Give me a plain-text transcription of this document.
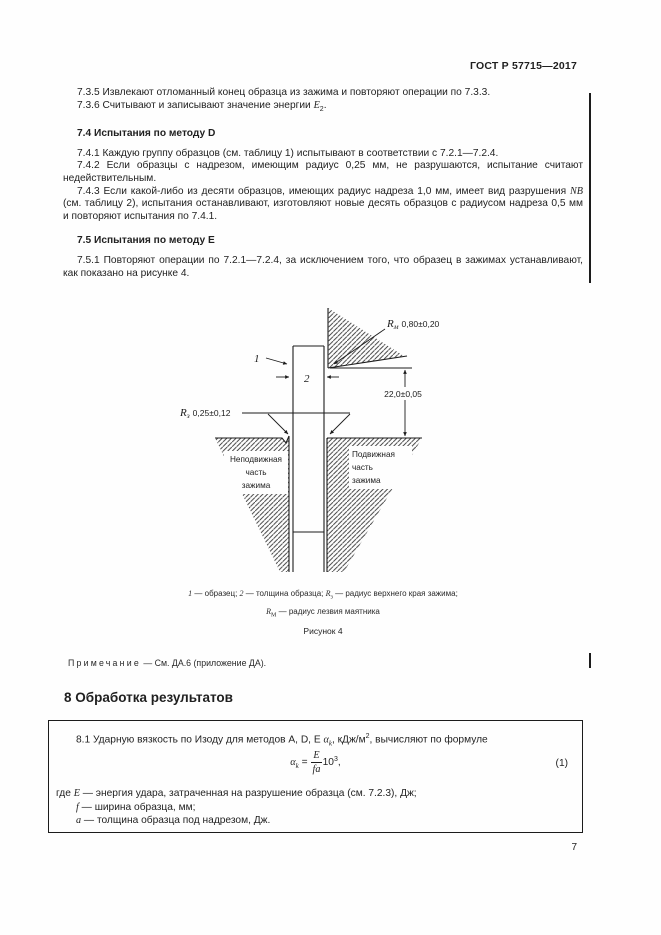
ГОСТ Р 57715—2017

7.3.5 Извлекают отломанный конец образца из зажима и повторяют операции по 7.3.3.

7.3.6 Считывают и записывают значение энергии $E_2$.

7.4 Испытания по методу D

7.4.1 Каждую группу образцов (см. таблицу 1) испытывают в соответствии с 7.2.1—7.2.4.

7.4.2 Если образцы с надрезом, имеющим радиус 0,25 мм, не разрушаются, испытание считают недействительным.

7.4.3 Если какой-либо из десяти образцов, имеющих радиус надреза 1,0 мм, имеет вид разрушения NB (см. таблицу 2), испытания останавливают, изготовляют новые десять образцов с радиусом надреза 0,5 мм и повторяют испытания по 7.4.1.

7.5 Испытания по методу E

7.5.1 Повторяют операции по 7.2.1—7.2.4, за исключением того, что образец в зажимах устанавливают, как показано на рисунке 4.

22,0±0,05
1
2
Rм 0,80±0,20
Rз 0,25±0,12
Неподвижная
часть
зажима
Подвижная
часть
зажима
1 — образец; 2 — толщина образца; $R_з$ — радиус верхнего края зажима;
$R_М$ — радиус лезвия маятника
Рисунок 4
Примечание — См. ДА.6 (приложение ДА).
8 Обработка результатов
8.1 Ударную вязкость по Изоду для методов A, D, E $\alpha_k$, кДж/$м^2$, вычисляют по формуле
$\alpha_k = \frac{E}{fa} 10^3$,	(1)
где E — энергия удара, затраченная на разрушение образца (см. 7.2.3), Дж;
f — ширина образца, мм;
а — толщина образца под надрезом, Дж.
7
